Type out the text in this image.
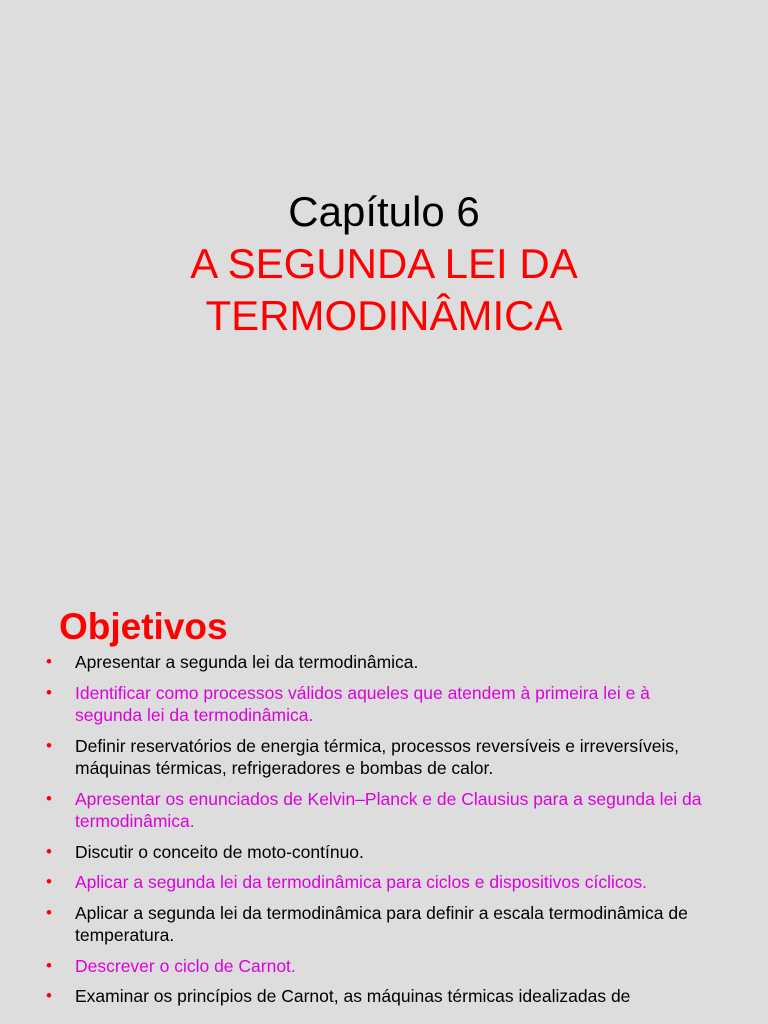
Capítulo 6
A SEGUNDA LEI DA
TERMODINÂMICA
Objetivos
• Apresentar a segunda lei da termodinâmica.
• Identificar como processos válidos aqueles que atendem à primeira lei e à segunda lei da termodinâmica.
• Definir reservatórios de energia térmica, processos reversíveis e irreversíveis, máquinas térmicas, refrigeradores e bombas de calor.
• Apresentar os enunciados de Kelvin–Planck e de Clausius para a segunda lei da termodinâmica.
• Discutir o conceito de moto-contínuo.
• Aplicar a segunda lei da termodinâmica para ciclos e dispositivos cíclicos.
• Aplicar a segunda lei da termodinâmica para definir a escala termodinâmica de temperatura.
• Descrever o ciclo de Carnot.
• Examinar os princípios de Carnot, as máquinas térmicas idealizadas de
